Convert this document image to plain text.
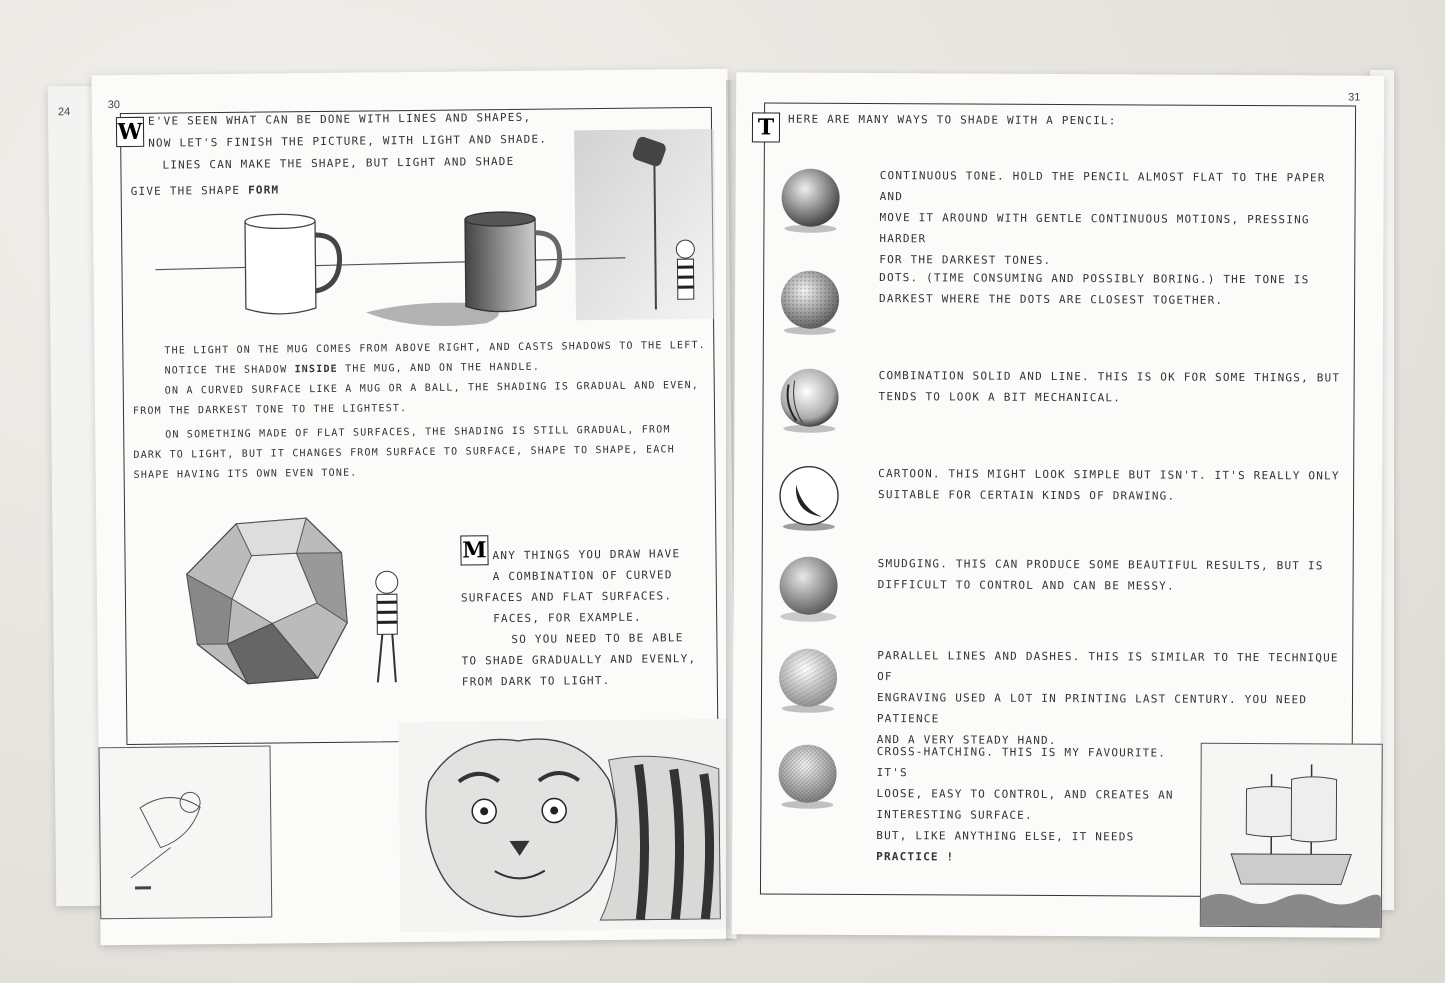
24
30
W E'VE SEEN WHAT CAN BE DONE WITH LINES AND SHAPES,
NOW LET'S FINISH THE PICTURE, WITH LIGHT AND SHADE.
LINES CAN MAKE THE SHAPE, BUT LIGHT AND SHADE
GIVE THE SHAPE FORM
THE LIGHT ON THE MUG COMES FROM ABOVE RIGHT, AND CASTS SHADOWS TO THE LEFT.
NOTICE THE SHADOW INSIDE THE MUG, AND ON THE HANDLE.
ON A CURVED SURFACE LIKE A MUG OR A BALL, THE SHADING IS GRADUAL AND EVEN,
FROM THE DARKEST TONE TO THE LIGHTEST.
ON SOMETHING MADE OF FLAT SURFACES, THE SHADING IS STILL GRADUAL, FROM
DARK TO LIGHT, BUT IT CHANGES FROM SURFACE TO SURFACE, SHAPE TO SHAPE, EACH
SHAPE HAVING ITS OWN EVEN TONE.
M ANY THINGS YOU DRAW HAVE
A COMBINATION OF CURVED
SURFACES AND FLAT SURFACES.
FACES, FOR EXAMPLE.
SO YOU NEED TO BE ABLE
TO SHADE GRADUALLY AND EVENLY,
FROM DARK TO LIGHT.
31
T	HERE ARE MANY WAYS TO SHADE WITH A PENCIL:
CONTINUOUS TONE. HOLD THE PENCIL ALMOST FLAT TO THE PAPER AND
MOVE IT AROUND WITH GENTLE CONTINUOUS MOTIONS, PRESSING HARDER
FOR THE DARKEST TONES.
DOTS. (TIME CONSUMING AND POSSIBLY BORING.) THE TONE IS
DARKEST WHERE THE DOTS ARE CLOSEST TOGETHER.
COMBINATION SOLID AND LINE. THIS IS OK FOR SOME THINGS, BUT
TENDS TO LOOK A BIT MECHANICAL.
CARTOON. THIS MIGHT LOOK SIMPLE BUT ISN'T. IT'S REALLY ONLY
SUITABLE FOR CERTAIN KINDS OF DRAWING.
SMUDGING. THIS CAN PRODUCE SOME BEAUTIFUL RESULTS, BUT IS
DIFFICULT TO CONTROL AND CAN BE MESSY.
PARALLEL LINES AND DASHES. THIS IS SIMILAR TO THE TECHNIQUE OF
ENGRAVING USED A LOT IN PRINTING LAST CENTURY. YOU NEED PATIENCE
AND A VERY STEADY HAND.
CROSS-HATCHING. THIS IS MY FAVOURITE. IT'S
LOOSE, EASY TO CONTROL, AND CREATES AN
INTERESTING SURFACE.
BUT, LIKE ANYTHING ELSE, IT NEEDS
PRACTICE !
